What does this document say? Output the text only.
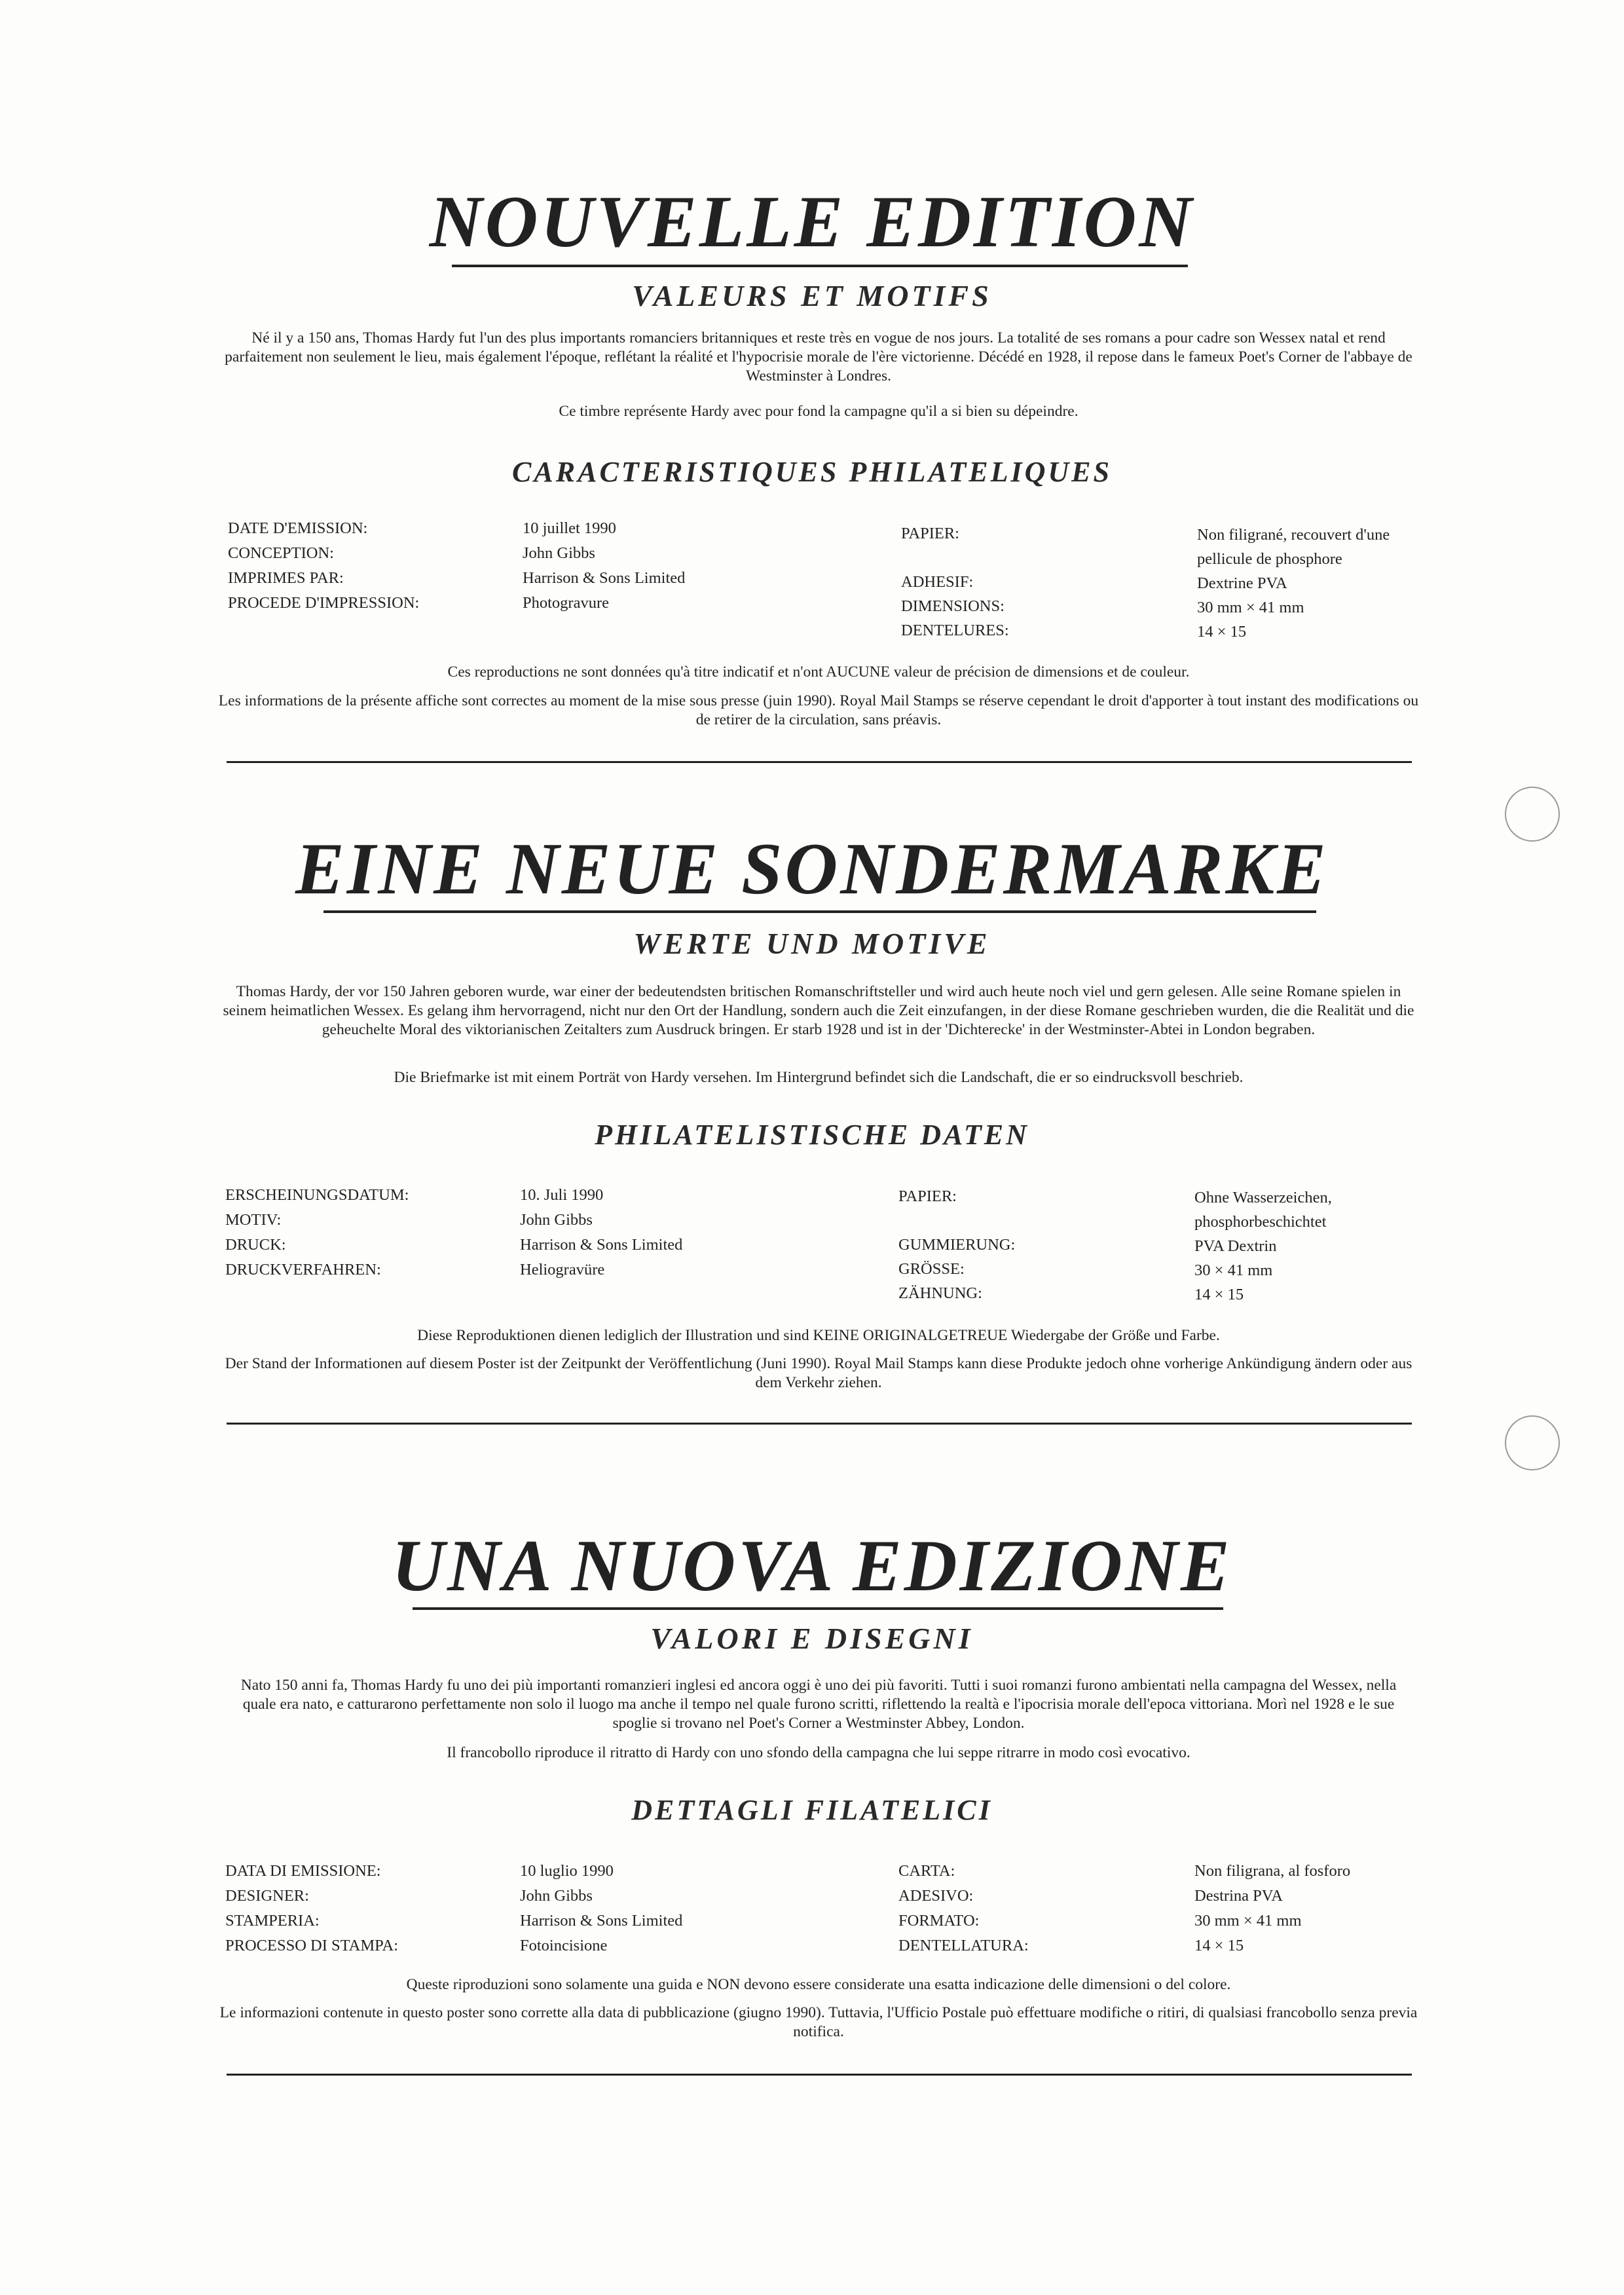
NOUVELLE EDITION
VALEURS ET MOTIFS

Né il y a 150 ans, Thomas Hardy fut l'un des plus importants romanciers britanniques et reste très en vogue de nos jours. La totalité de ses romans a pour cadre son Wessex natal et rend parfaitement non seulement le lieu, mais également l'époque, reflétant la réalité et l'hypocrisie morale de l'ère victorienne. Décédé en 1928, il repose dans le fameux Poet's Corner de l'abbaye de Westminster à Londres.

Ce timbre représente Hardy avec pour fond la campagne qu'il a si bien su dépeindre.

CARACTERISTIQUES PHILATELIQUES
DATE D'EMISSION:
CONCEPTION:
IMPRIMES PAR:
PROCEDE D'IMPRESSION:
10 juillet 1990
John Gibbs
Harrison & Sons Limited
Photogravure
PAPIER:
ADHESIF:
DIMENSIONS:
DENTELURES:
Non filigrané, recouvert d'une
pellicule de phosphore
Dextrine PVA
30 mm × 41 mm
14 × 15

Ces reproductions ne sont données qu'à titre indicatif et n'ont AUCUNE valeur de précision de dimensions et de couleur.

Les informations de la présente affiche sont correctes au moment de la mise sous presse (juin 1990). Royal Mail Stamps se réserve cependant le droit d'apporter à tout instant des modifications ou de retirer de la circulation, sans préavis.

EINE NEUE SONDERMARKE
WERTE UND MOTIVE

Thomas Hardy, der vor 150 Jahren geboren wurde, war einer der bedeutendsten britischen Romanschriftsteller und wird auch heute noch viel und gern gelesen. Alle seine Romane spielen in seinem heimatlichen Wessex. Es gelang ihm hervorragend, nicht nur den Ort der Handlung, sondern auch die Zeit einzufangen, in der diese Romane geschrieben wurden, die die Realität und die geheuchelte Moral des viktorianischen Zeitalters zum Ausdruck bringen. Er starb 1928 und ist in der 'Dichterecke' in der Westminster-Abtei in London begraben.

Die Briefmarke ist mit einem Porträt von Hardy versehen. Im Hintergrund befindet sich die Landschaft, die er so eindrucksvoll beschrieb.

PHILATELISTISCHE DATEN
ERSCHEINUNGSDATUM:
MOTIV:
DRUCK:
DRUCKVERFAHREN:
10. Juli 1990
John Gibbs
Harrison & Sons Limited
Heliogravüre
PAPIER:
GUMMIERUNG:
GRÖSSE:
ZÄHNUNG:
Ohne Wasserzeichen,
phosphorbeschichtet
PVA Dextrin
30 × 41 mm
14 × 15

Diese Reproduktionen dienen lediglich der Illustration und sind KEINE ORIGINALGETREUE Wiedergabe der Größe und Farbe.

Der Stand der Informationen auf diesem Poster ist der Zeitpunkt der Veröffentlichung (Juni 1990). Royal Mail Stamps kann diese Produkte jedoch ohne vorherige Ankündigung ändern oder aus dem Verkehr ziehen.

UNA NUOVA EDIZIONE
VALORI E DISEGNI

Nato 150 anni fa, Thomas Hardy fu uno dei più importanti romanzieri inglesi ed ancora oggi è uno dei più favoriti. Tutti i suoi romanzi furono ambientati nella campagna del Wessex, nella quale era nato, e catturarono perfettamente non solo il luogo ma anche il tempo nel quale furono scritti, riflettendo la realtà e l'ipocrisia morale dell'epoca vittoriana. Morì nel 1928 e le sue spoglie si trovano nel Poet's Corner a Westminster Abbey, London.

Il francobollo riproduce il ritratto di Hardy con uno sfondo della campagna che lui seppe ritrarre in modo così evocativo.

DETTAGLI FILATELICI
DATA DI EMISSIONE:
DESIGNER:
STAMPERIA:
PROCESSO DI STAMPA:
10 luglio 1990
John Gibbs
Harrison & Sons Limited
Fotoincisione
CARTA:
ADESIVO:
FORMATO:
DENTELLATURA:
Non filigrana, al fosforo
Destrina PVA
30 mm × 41 mm
14 × 15

Queste riproduzioni sono solamente una guida e NON devono essere considerate una esatta indicazione delle dimensioni o del colore.

Le informazioni contenute in questo poster sono corrette alla data di pubblicazione (giugno 1990). Tuttavia, l'Ufficio Postale può effettuare modifiche o ritiri, di qualsiasi francobollo senza previa notifica.
